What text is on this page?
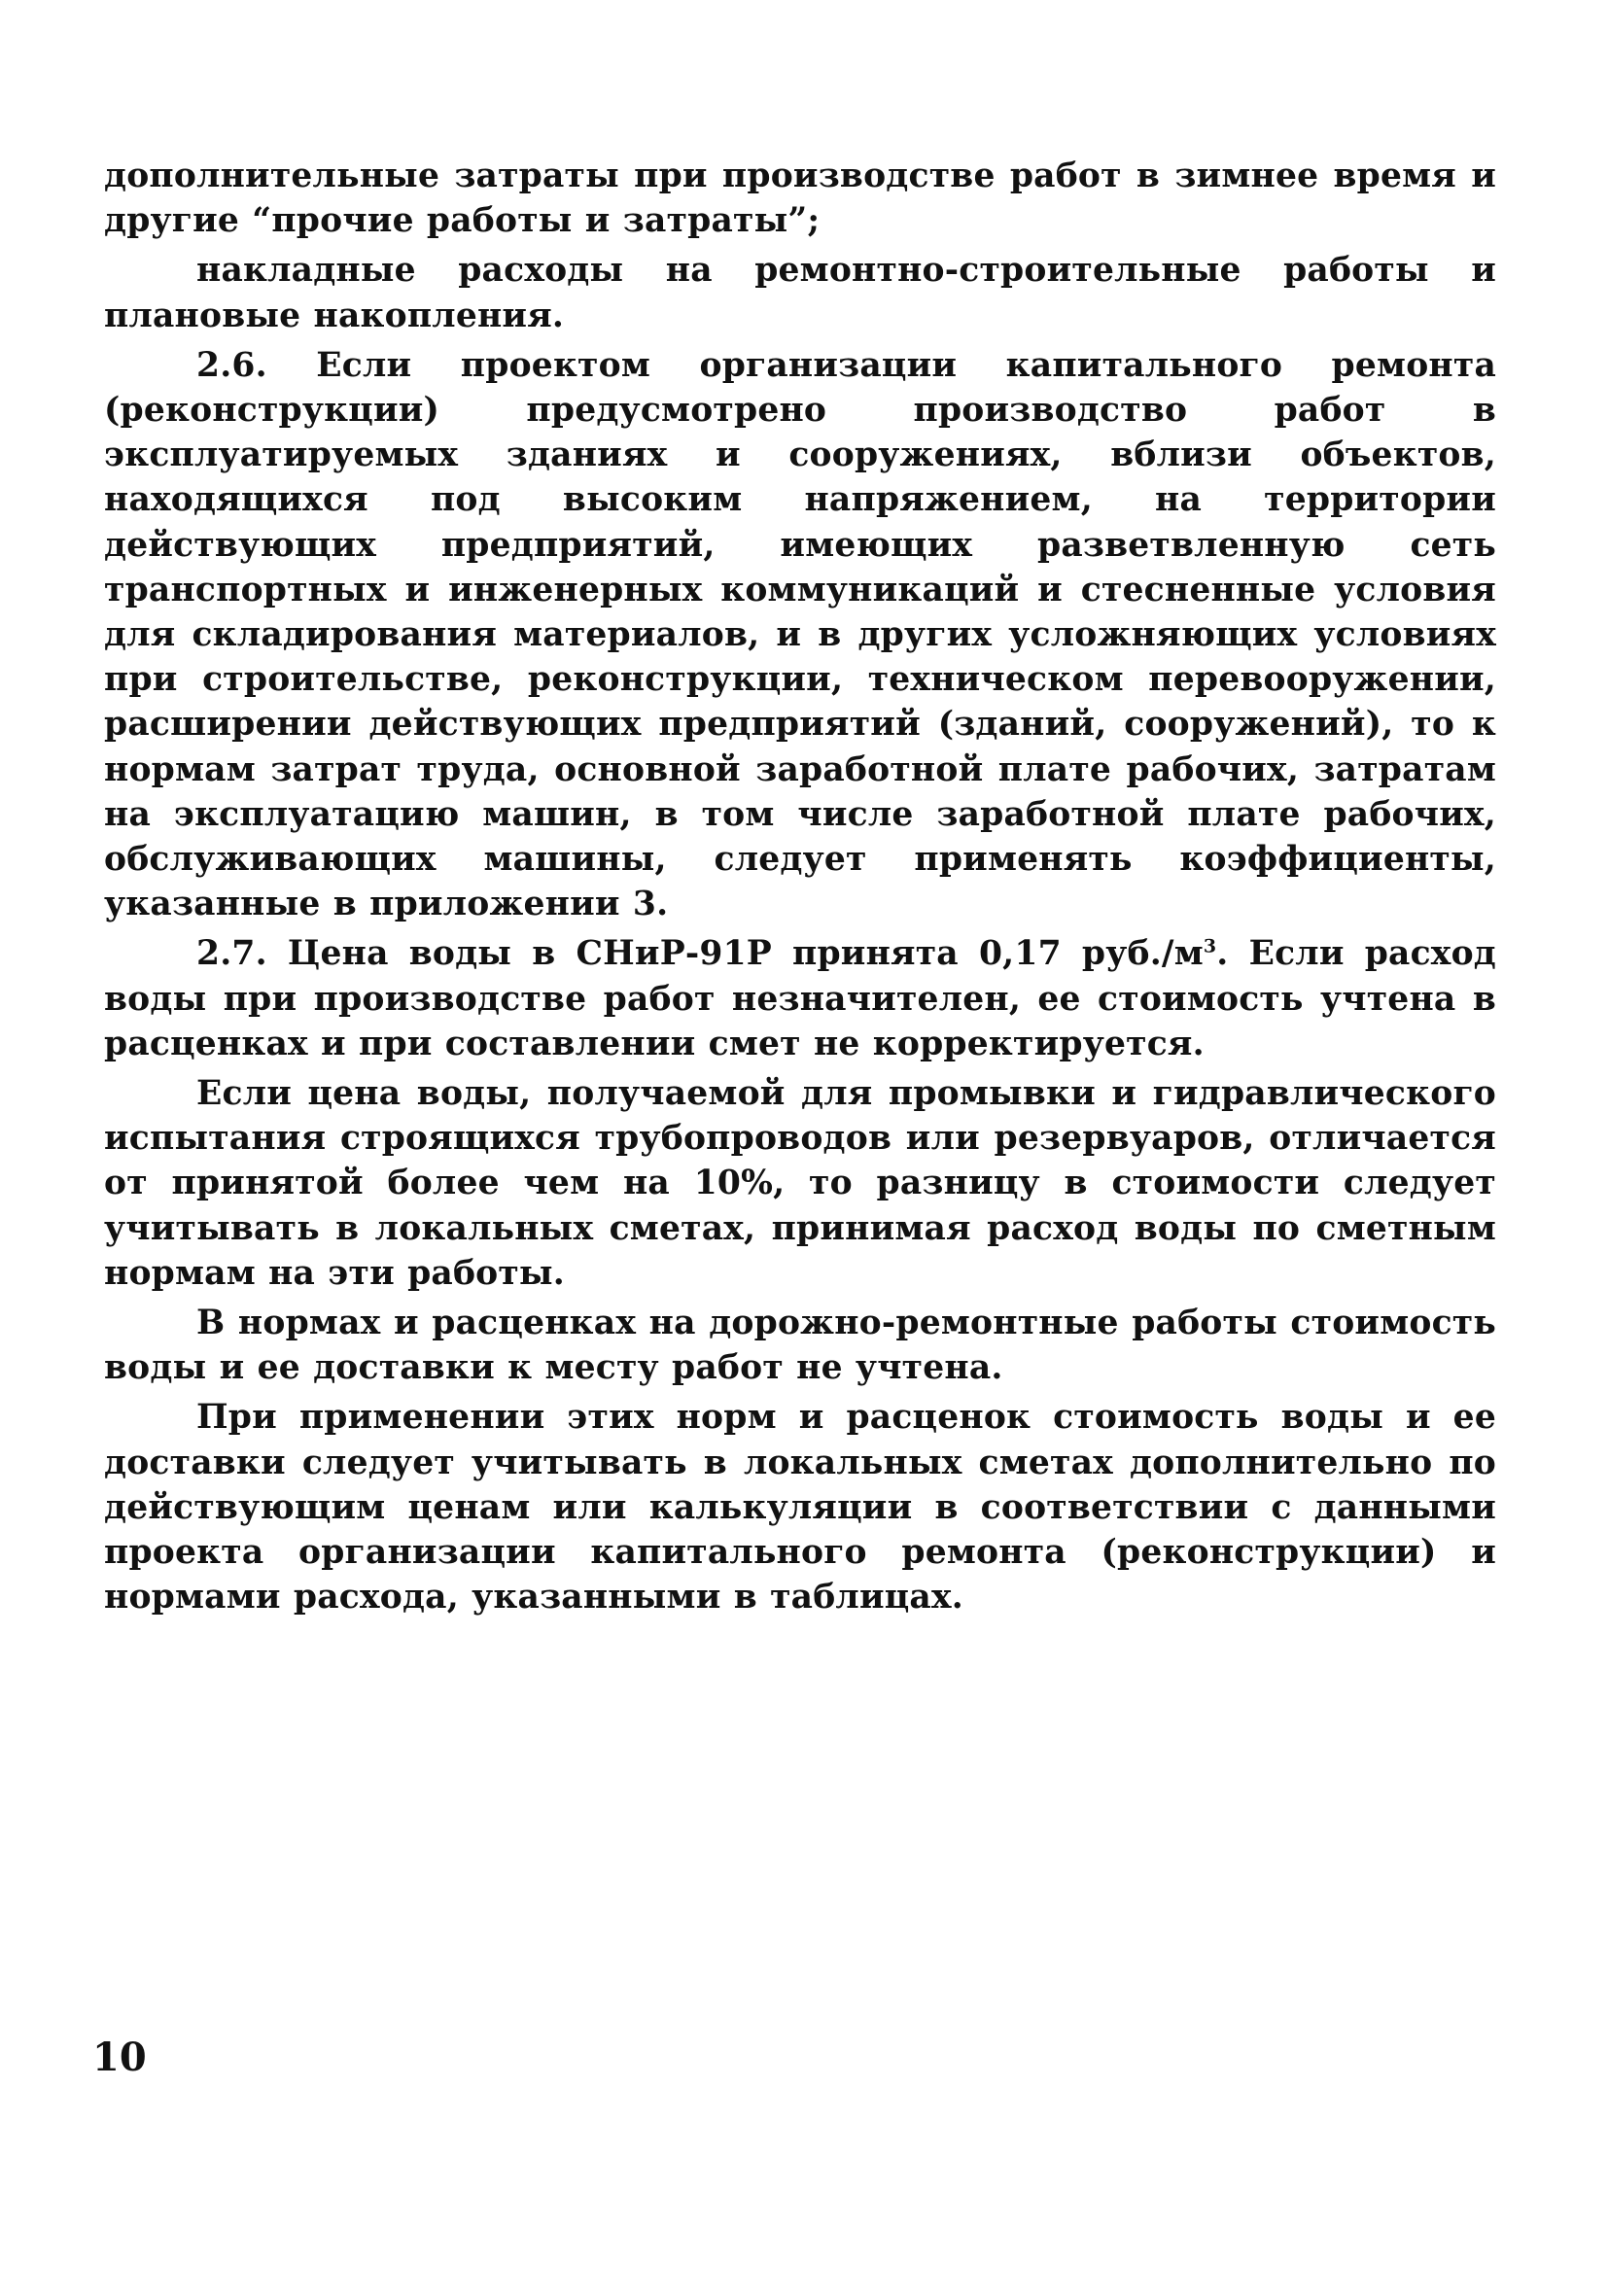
дополнительные затраты при производстве работ в зимнее время и другие “прочие работы и затраты”;

накладные расходы на ремонтно-строительные работы и плановые накопления.

2.6. Если проектом организации капитального ремонта (реконструкции) предусмотрено производство работ в эксплуатируемых зданиях и сооружениях, вблизи объектов, находящихся под высоким напряжением, на территории действующих предприятий, имеющих разветвленную сеть транспортных и инженерных коммуникаций и стесненные условия для складирования материалов, и в других усложняющих условиях при строительстве, реконструкции, техническом перевооружении, расширении действующих предприятий (зданий, сооружений), то к нормам затрат труда, основной заработной плате рабочих, затратам на эксплуатацию машин, в том числе заработной плате рабочих, обслуживающих машины, следует применять коэффициенты, указанные в приложении 3.

2.7. Цена воды в СНиР-91Р принята 0,17 $руб./м^3$. Если расход воды при производстве работ незначителен, ее стоимость учтена в расценках и при составлении смет не корректируется.

Если цена воды, получаемой для промывки и гидравлического испытания строящихся трубопроводов или резервуаров, отличается от принятой более чем на 10%, то разницу в стоимости следует учитывать в локальных сметах, принимая расход воды по сметным нормам на эти работы.

В нормах и расценках на дорожно-ремонтные работы стоимость воды и ее доставки к месту работ не учтена.

При применении этих норм и расценок стоимость воды и ее доставки следует учитывать в локальных сметах дополнительно по действующим ценам или калькуляции в соответствии с данными проекта организации капитального ремонта (реконструкции) и нормами расхода, указанными в таблицах.

10
